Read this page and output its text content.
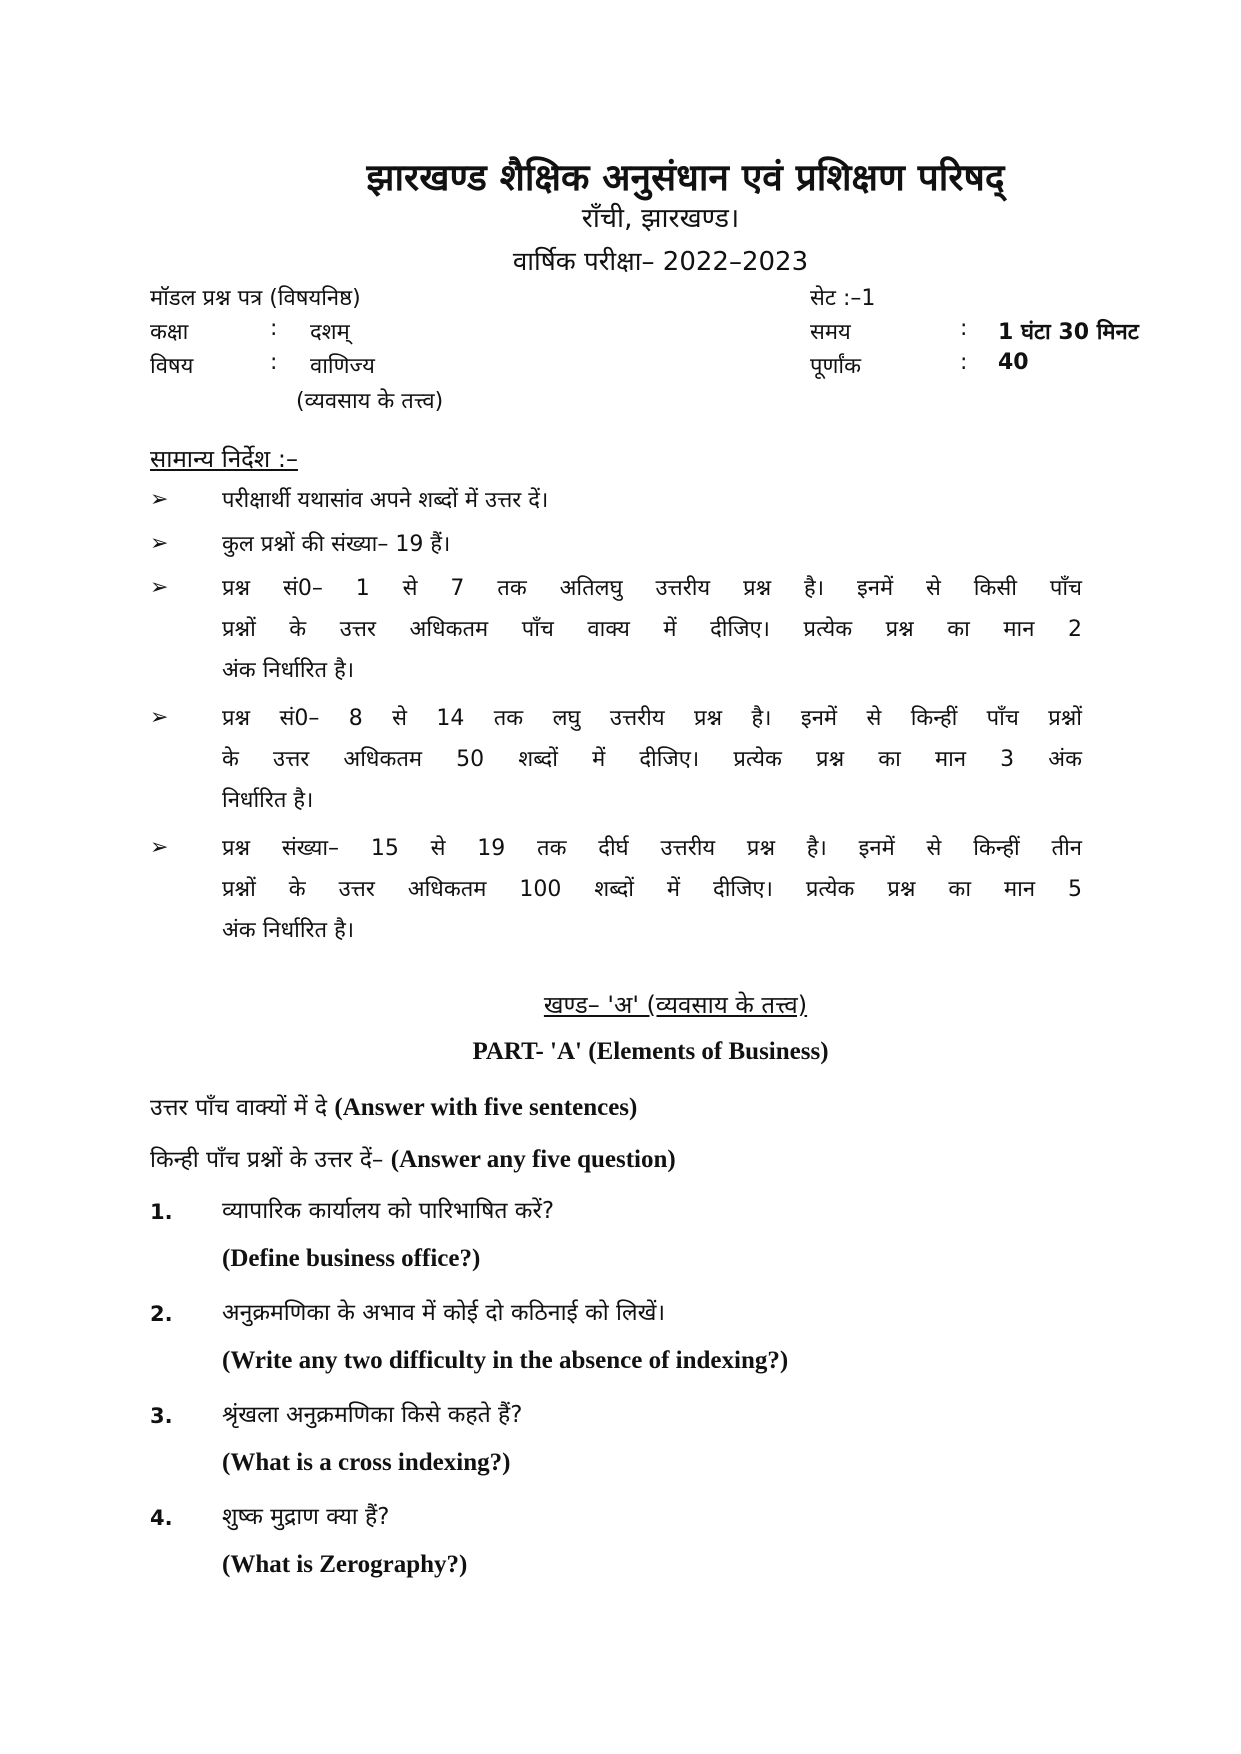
झारखण्ड शैक्षिक अनुसंधान एवं प्रशिक्षण परिषद्
राँची, झारखण्ड।
वार्षिक परीक्षा– 2022–2023
मॉडल प्रश्न पत्र (विषयनिष्ठ)	सेट :–1
कक्षा	: दशम्	समय	: 1 घंटा 30 मिनट
विषय	: वाणिज्य	पूर्णांक	: 40
(व्यवसाय के तत्त्व)
सामान्य निर्देश :–
➢ परीक्षार्थी यथासांव अपने शब्दों में उत्तर दें।
➢ कुल प्रश्नों की संख्या– 19 हैं।
➢ प्रश्न सं0– 1 से 7 तक अतिलघु उत्तरीय प्रश्न है। इनमें से किसी पाँच
प्रश्नों के उत्तर अधिकतम पाँच वाक्य में दीजिए। प्रत्येक प्रश्न का मान 2
अंक निर्धारित है।
➢ प्रश्न सं0– 8 से 14 तक लघु उत्तरीय प्रश्न है। इनमें से किन्हीं पाँच प्रश्नों
के उत्तर अधिकतम 50 शब्दों में दीजिए। प्रत्येक प्रश्न का मान 3 अंक
निर्धारित है।
➢ प्रश्न संख्या– 15 से 19 तक दीर्घ उत्तरीय प्रश्न है। इनमें से किन्हीं तीन
प्रश्नों के उत्तर अधिकतम 100 शब्दों में दीजिए। प्रत्येक प्रश्न का मान 5
अंक निर्धारित है।
खण्ड– 'अ' (व्यवसाय के तत्त्व)
PART- 'A' (Elements of Business)
उत्तर पाँच वाक्यों में दे (Answer with five sentences)
किन्ही पाँच प्रश्नों के उत्तर दें– (Answer any five question)
1. व्यापारिक कार्यालय को पारिभाषित करें?
(Define business office?)
2. अनुक्रमणिका के अभाव में कोई दो कठिनाई को लिखें।
(Write any two difficulty in the absence of indexing?)
3. श्रृंखला अनुक्रमणिका किसे कहते हैं?
(What is a cross indexing?)
4. शुष्क मुद्राण क्या हैं?
(What is Zerography?)
